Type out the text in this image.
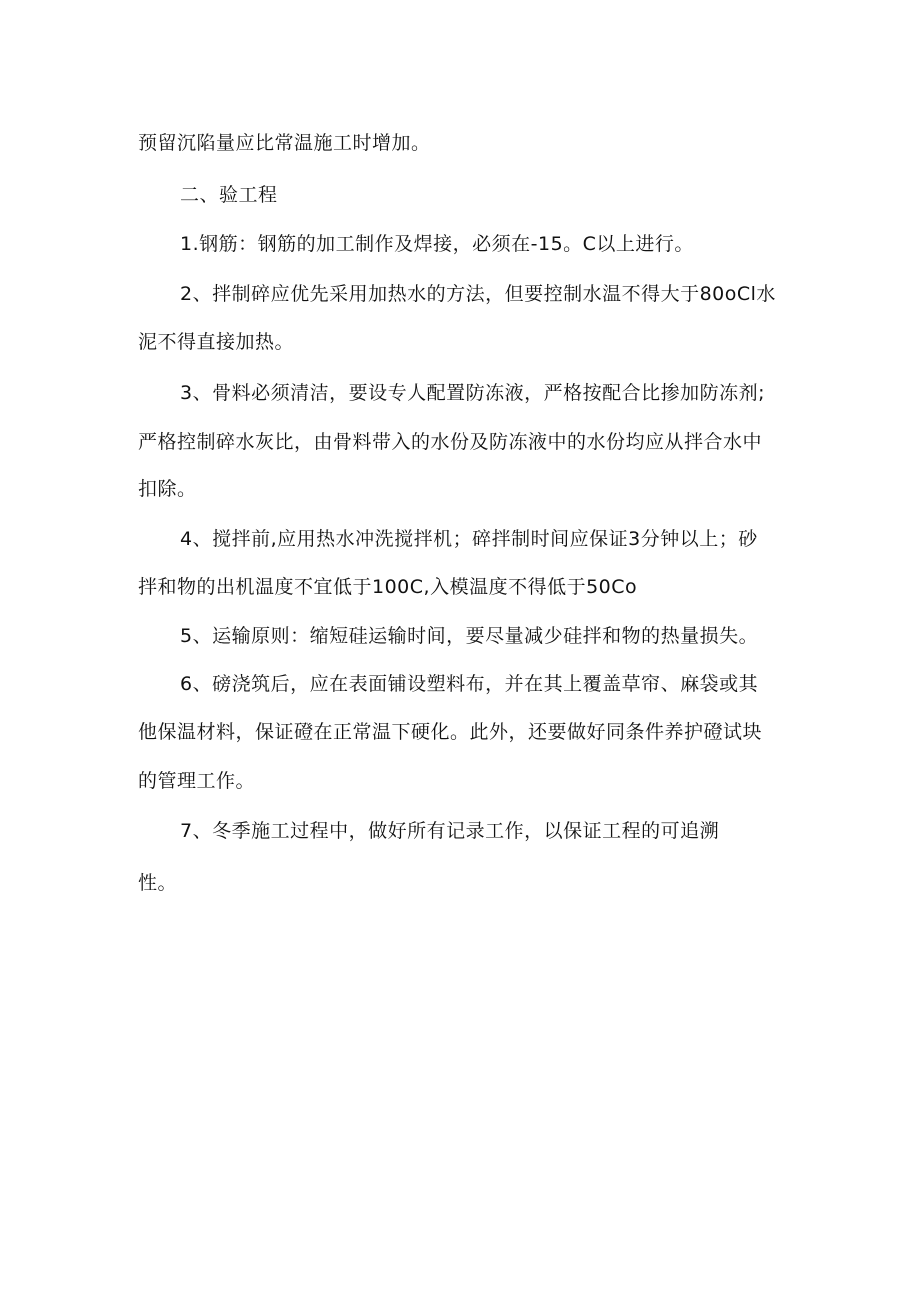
预留沉陷量应比常温施工时增加。
二、验工程
1.钢筋：钢筋的加工制作及焊接，必须在-15。C以上进行。
2、拌制碎应优先采用加热水的方法，但要控制水温不得大于80oCl水
泥不得直接加热。
3、骨料必须清洁，要设专人配置防冻液，严格按配合比掺加防冻剂;
严格控制碎水灰比，由骨料带入的水份及防冻液中的水份均应从拌合水中
扣除。
4、搅拌前,应用热水冲洗搅拌机；碎拌制时间应保证3分钟以上；砂
拌和物的出机温度不宜低于100C,入模温度不得低于50Co
5、运输原则：缩短硅运输时间，要尽量减少硅拌和物的热量损失。
6、磅浇筑后，应在表面铺设塑料布，并在其上覆盖草帘、麻袋或其
他保温材料，保证磴在正常温下硬化。此外，还要做好同条件养护磴试块
的管理工作。
7、冬季施工过程中，做好所有记录工作，以保证工程的可追溯
性。
